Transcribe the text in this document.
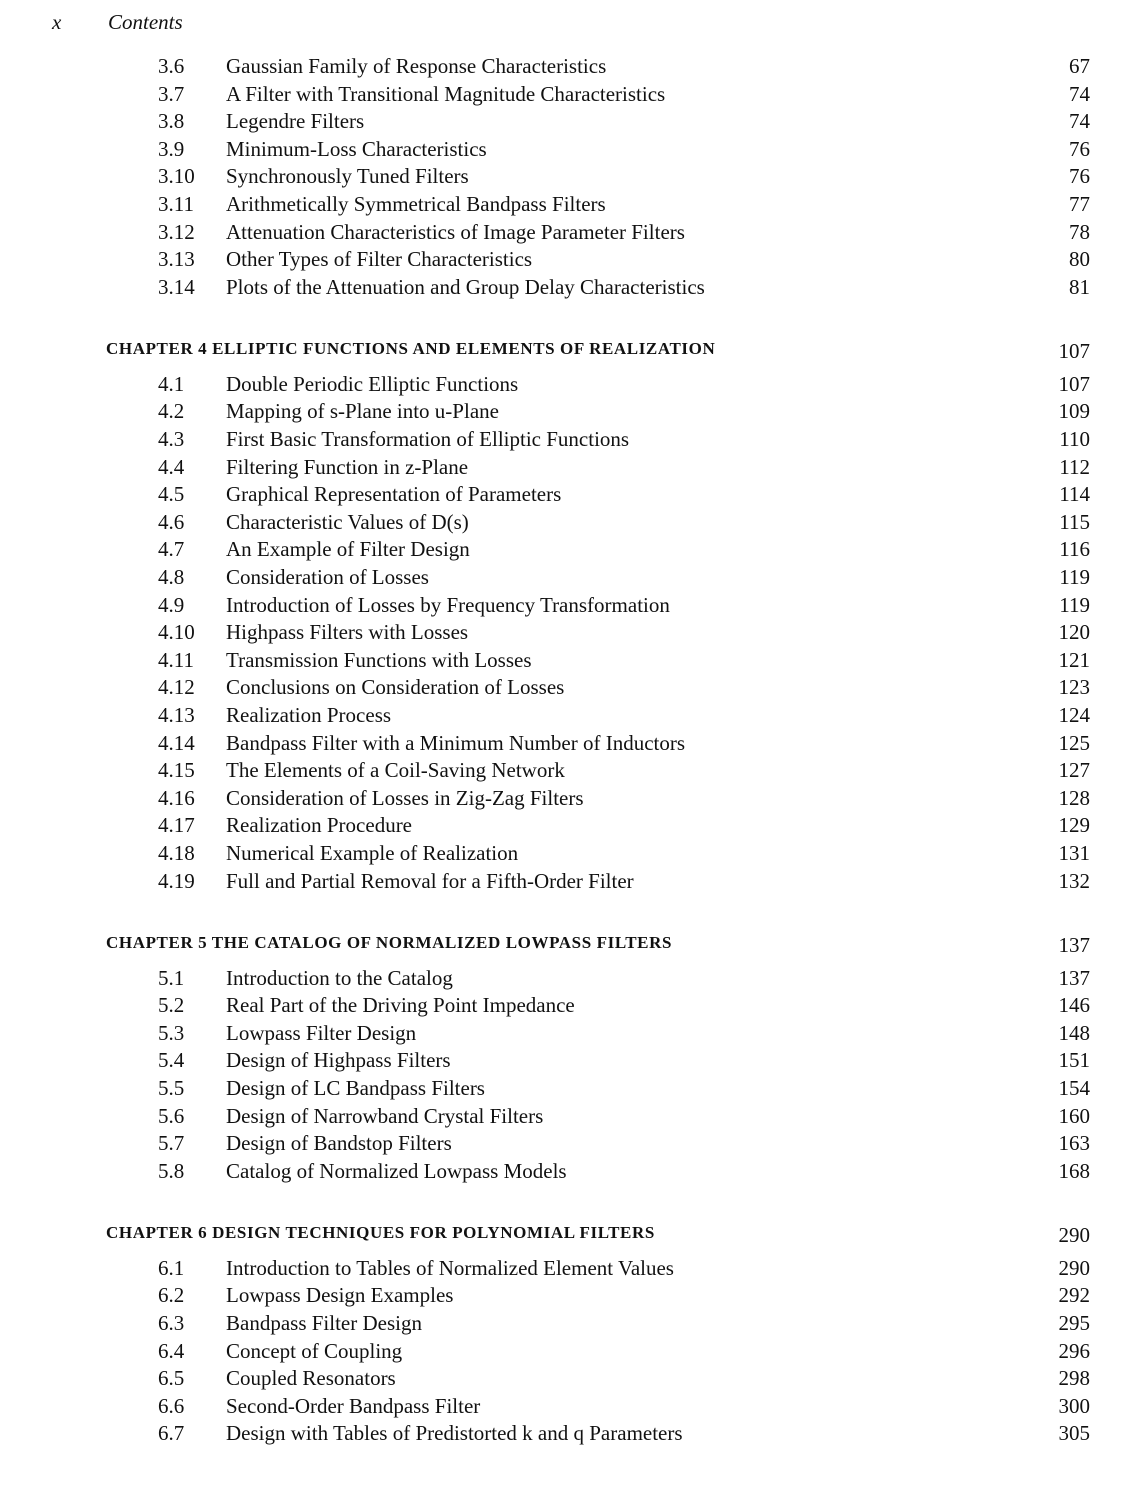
x Contents
3.6 Gaussian Family of Response Characteristics	67
3.7 A Filter with Transitional Magnitude Characteristics	74
3.8 Legendre Filters	74
3.9 Minimum-Loss Characteristics	76
3.10 Synchronously Tuned Filters	76
3.11 Arithmetically Symmetrical Bandpass Filters	77
3.12 Attenuation Characteristics of Image Parameter Filters	78
3.13 Other Types of Filter Characteristics	80
3.14 Plots of the Attenuation and Group Delay Characteristics	81
CHAPTER 4 ELLIPTIC FUNCTIONS AND ELEMENTS OF REALIZATION	107
4.1 Double Periodic Elliptic Functions	107
4.2 Mapping of s-Plane into u-Plane	109
4.3 First Basic Transformation of Elliptic Functions	110
4.4 Filtering Function in z-Plane	112
4.5 Graphical Representation of Parameters	114
4.6 Characteristic Values of D(s)	115
4.7 An Example of Filter Design	116
4.8 Consideration of Losses	119
4.9 Introduction of Losses by Frequency Transformation	119
4.10 Highpass Filters with Losses	120
4.11 Transmission Functions with Losses	121
4.12 Conclusions on Consideration of Losses	123
4.13 Realization Process	124
4.14 Bandpass Filter with a Minimum Number of Inductors	125
4.15 The Elements of a Coil-Saving Network	127
4.16 Consideration of Losses in Zig-Zag Filters	128
4.17 Realization Procedure	129
4.18 Numerical Example of Realization	131
4.19 Full and Partial Removal for a Fifth-Order Filter	132
CHAPTER 5 THE CATALOG OF NORMALIZED LOWPASS FILTERS	137
5.1 Introduction to the Catalog	137
5.2 Real Part of the Driving Point Impedance	146
5.3 Lowpass Filter Design	148
5.4 Design of Highpass Filters	151
5.5 Design of LC Bandpass Filters	154
5.6 Design of Narrowband Crystal Filters	160
5.7 Design of Bandstop Filters	163
5.8 Catalog of Normalized Lowpass Models	168
CHAPTER 6 DESIGN TECHNIQUES FOR POLYNOMIAL FILTERS	290
6.1 Introduction to Tables of Normalized Element Values	290
6.2 Lowpass Design Examples	292
6.3 Bandpass Filter Design	295
6.4 Concept of Coupling	296
6.5 Coupled Resonators	298
6.6 Second-Order Bandpass Filter	300
6.7 Design with Tables of Predistorted k and q Parameters	305
